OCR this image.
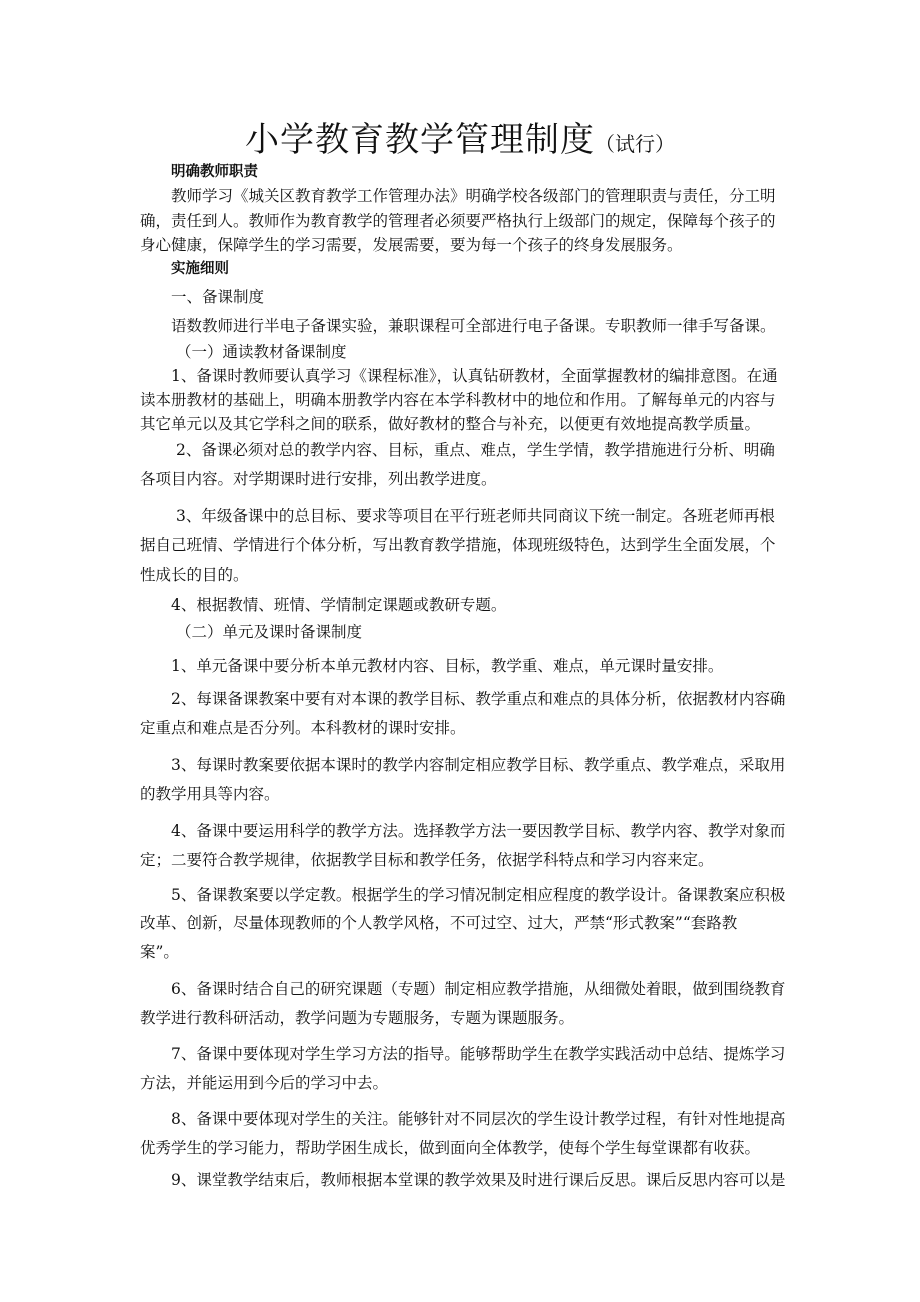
小学教育教学管理制度（试行）
明确教师职责
教师学习《城关区教育教学工作管理办法》明确学校各级部门的管理职责与责任，分工明
确，责任到人。教师作为教育教学的管理者必须要严格执行上级部门的规定，保障每个孩子的
身心健康，保障学生的学习需要，发展需要，要为每一个孩子的终身发展服务。
实施细则
一、备课制度
语数教师进行半电子备课实验，兼职课程可全部进行电子备课。专职教师一律手写备课。
（一）通读教材备课制度
1、备课时教师要认真学习《课程标准》，认真钻研教材，全面掌握教材的编排意图。在通
读本册教材的基础上，明确本册教学内容在本学科教材中的地位和作用。了解每单元的内容与
其它单元以及其它学科之间的联系，做好教材的整合与补充，以便更有效地提高教学质量。
2、备课必须对总的教学内容、目标，重点、难点，学生学情，教学措施进行分析、明确
各项目内容。对学期课时进行安排，列出教学进度。
3、年级备课中的总目标、要求等项目在平行班老师共同商议下统一制定。各班老师再根
据自己班情、学情进行个体分析，写出教育教学措施，体现班级特色，达到学生全面发展，个
性成长的目的。
4、根据教情、班情、学情制定课题或教研专题。
（二）单元及课时备课制度
1、单元备课中要分析本单元教材内容、目标，教学重、难点，单元课时量安排。
2、每课备课教案中要有对本课的教学目标、教学重点和难点的具体分析，依据教材内容确
定重点和难点是否分列。本科教材的课时安排。
3、每课时教案要依据本课时的教学内容制定相应教学目标、教学重点、教学难点，采取用
的教学用具等内容。
4、备课中要运用科学的教学方法。选择教学方法一要因教学目标、教学内容、教学对象而
定；二要符合教学规律，依据教学目标和教学任务，依据学科特点和学习内容来定。
5、备课教案要以学定教。根据学生的学习情况制定相应程度的教学设计。备课教案应积极
改革、创新，尽量体现教师的个人教学风格，不可过空、过大，严禁“形式教案”“套路教
案”。
6、备课时结合自己的研究课题（专题）制定相应教学措施，从细微处着眼，做到围绕教育
教学进行教科研活动，教学问题为专题服务，专题为课题服务。
7、备课中要体现对学生学习方法的指导。能够帮助学生在教学实践活动中总结、提炼学习
方法，并能运用到今后的学习中去。
8、备课中要体现对学生的关注。能够针对不同层次的学生设计教学过程，有针对性地提高
优秀学生的学习能力，帮助学困生成长，做到面向全体教学，使每个学生每堂课都有收获。
9、课堂教学结束后，教师根据本堂课的教学效果及时进行课后反思。课后反思内容可以是
